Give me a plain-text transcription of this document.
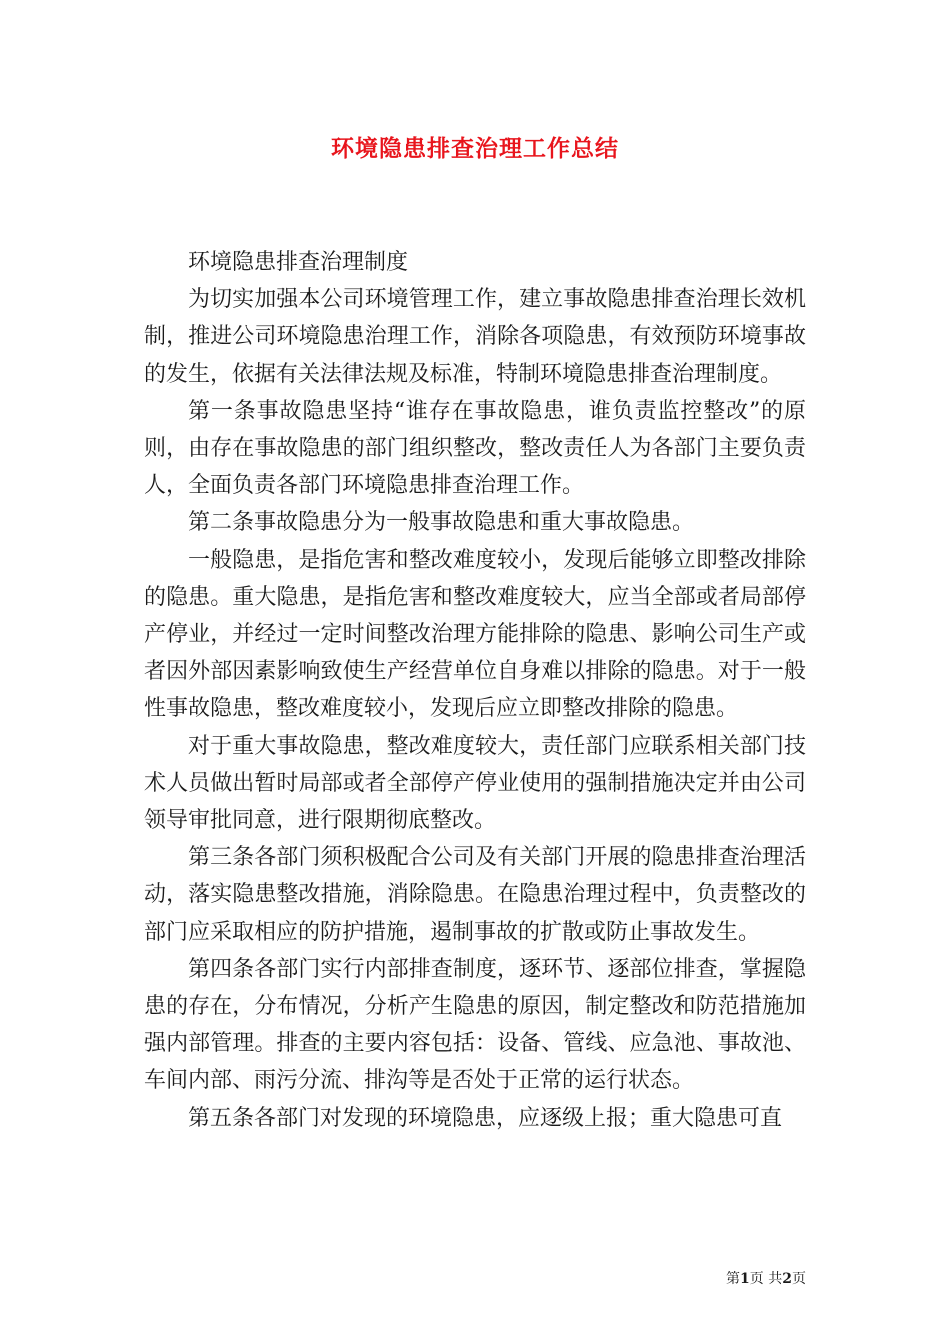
环境隐患排查治理工作总结

环境隐患排查治理制度

为切实加强本公司环境管理工作，建立事故隐患排查治理长效机制，推进公司环境隐患治理工作，消除各项隐患，有效预防环境事故的发生，依据有关法律法规及标准，特制环境隐患排查治理制度。

第一条事故隐患坚持“谁存在事故隐患，谁负责监控整改”的原则，由存在事故隐患的部门组织整改，整改责任人为各部门主要负责人，全面负责各部门环境隐患排查治理工作。

第二条事故隐患分为一般事故隐患和重大事故隐患。

一般隐患，是指危害和整改难度较小，发现后能够立即整改排除的隐患。重大隐患，是指危害和整改难度较大，应当全部或者局部停产停业，并经过一定时间整改治理方能排除的隐患、影响公司生产或者因外部因素影响致使生产经营单位自身难以排除的隐患。对于一般性事故隐患，整改难度较小，发现后应立即整改排除的隐患。

对于重大事故隐患，整改难度较大，责任部门应联系相关部门技术人员做出暂时局部或者全部停产停业使用的强制措施决定并由公司领导审批同意，进行限期彻底整改。

第三条各部门须积极配合公司及有关部门开展的隐患排查治理活动，落实隐患整改措施，消除隐患。在隐患治理过程中，负责整改的部门应采取相应的防护措施，遏制事故的扩散或防止事故发生。

第四条各部门实行内部排查制度，逐环节、逐部位排查，掌握隐患的存在，分布情况，分析产生隐患的原因，制定整改和防范措施加强内部管理。排查的主要内容包括：设备、管线、应急池、事故池、车间内部、雨污分流、排沟等是否处于正常的运行状态。

第五条各部门对发现的环境隐患，应逐级上报；重大隐患可直

第1页 共2页
